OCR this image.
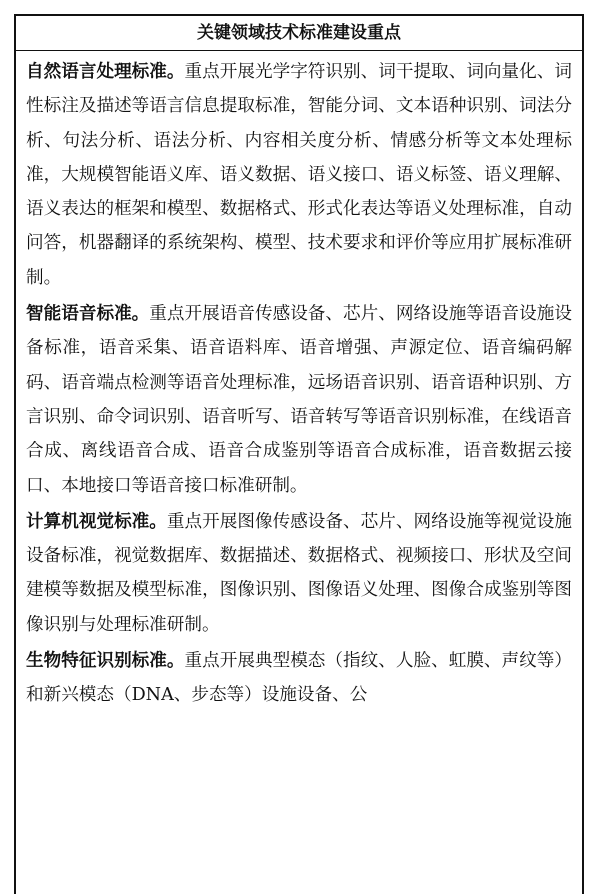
关键领域技术标准建设重点

自然语言处理标准。重点开展光学字符识别、词干提取、词向量化、词性标注及描述等语言信息提取标准，智能分词、文本语种识别、词法分析、句法分析、语法分析、内容相关度分析、情感分析等文本处理标准，大规模智能语义库、语义数据、语义接口、语义标签、语义理解、语义表达的框架和模型、数据格式、形式化表达等语义处理标准，自动问答，机器翻译的系统架构、模型、技术要求和评价等应用扩展标准研制。

智能语音标准。重点开展语音传感设备、芯片、网络设施等语音设施设备标准，语音采集、语音语料库、语音增强、声源定位、语音编码解码、语音端点检测等语音处理标准，远场语音识别、语音语种识别、方言识别、命令词识别、语音听写、语音转写等语音识别标准，在线语音合成、离线语音合成、语音合成鉴别等语音合成标准，语音数据云接口、本地接口等语音接口标准研制。

计算机视觉标准。重点开展图像传感设备、芯片、网络设施等视觉设施设备标准，视觉数据库、数据描述、数据格式、视频接口、形状及空间建模等数据及模型标准，图像识别、图像语义处理、图像合成鉴别等图像识别与处理标准研制。

生物特征识别标准。重点开展典型模态（指纹、人脸、虹膜、声纹等）和新兴模态（DNA、步态等）设施设备、公
